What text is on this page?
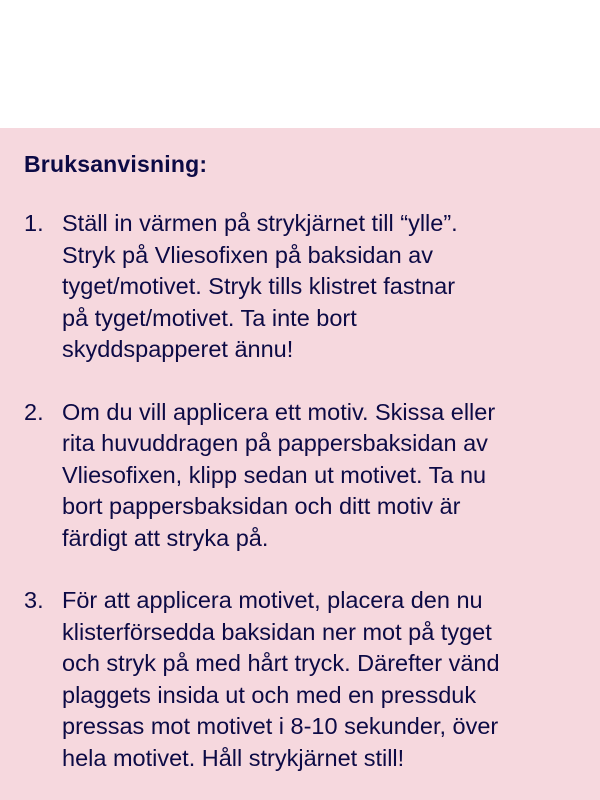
Bruksanvisning:
1. Ställ in värmen på strykjärnet till “ylle”.
Stryk på Vliesofixen på baksidan av
tyget/motivet. Stryk tills klistret fastnar
på tyget/motivet. Ta inte bort
skyddspapperet ännu!
2. Om du vill applicera ett motiv. Skissa eller
rita huvuddragen på pappersbaksidan av
Vliesofixen, klipp sedan ut motivet. Ta nu
bort pappersbaksidan och ditt motiv är
färdigt att stryka på.
3. För att applicera motivet, placera den nu
klisterförsedda baksidan ner mot på tyget
och stryk på med hårt tryck. Därefter vänd
plaggets insida ut och med en pressduk
pressas mot motivet i 8-10 sekunder, över
hela motivet. Håll strykjärnet still!
